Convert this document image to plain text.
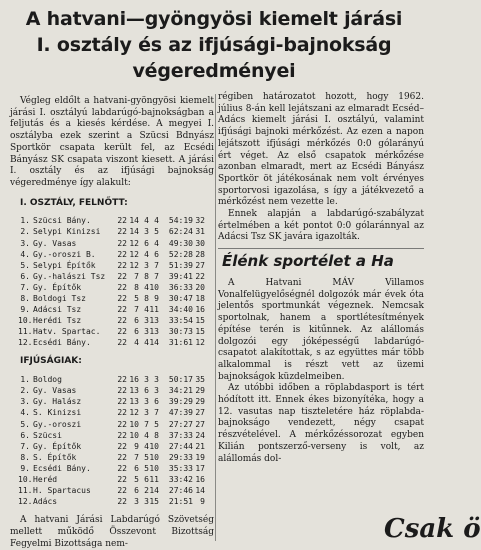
A hatvani—gyöngyösi kiemelt járási
I. osztály és az ifjúsági-bajnokság
végeredményei

Végleg eldőlt a hatvani-gyöngyösi kiemelt járási I. osztályú labdarúgó-bajnokságban a feljutás és a kiesés kérdése. A megyei I. osztályba ezek szerint a Szücsi Bdnyász Sportkör csapata került fel, az Ecsédi Bányász SK csapata viszont kiesett. A járási I. osztály és az ifjúsági bajnokság végeredménye így alakult:

I. OSZTÁLY, FELNŐTT:
1. Szücsi Bány.	22 14 4 4	54:19 32
2. Selypi Kinizsi	22 14 3 5	62:24 31
3. Gy. Vasas	22 12 6 4	49:30 30
4. Gy.-oroszi B.	22 12 4 6	52:28 28
5. Selypi Építők	22 12 3 7	51:39 27
6. Gy.-halászi Tsz	22 7 8 7	39:41 22
7. Gy. Építők	22 8 4 10	36:33 20
8. Boldogi Tsz	22 5 8 9	30:47 18
9. Adácsi Tsz	22 7 4 11	34:40 16
10. Herédi Tsz	22 6 3 13	33:54 15
11. Hatv. Spartac.	22 6 3 13	30:73 15
12. Ecsédi Bány.	22 4 4 14	31:61 12
IFJÚSÁGIAK:
1. Boldog	22 16 3 3	50:17 35
2. Gy. Vasas	22 13 6 3	34:21 29
3. Gy. Halász	22 13 3 6	39:29 29
4. S. Kinizsi	22 12 3 7	47:39 27
5. Gy.-oroszi	22 10 7 5	27:27 27
6. Szücsi	22 10 4 8	37:33 24
7. Gy. Építők	22 9 4 10	27:44 21
8. S. Építők	22 7 5 10	29:33 19
9. Ecsédi Bány.	22 6 5 10	35:33 17
10. Heréd	22 5 6 11	33:42 16
11. H. Spartacus	22 6 2 14	27:46 14
12. Adács	22 3 3 15	21:51 9

A hatvani Járási Labdarúgó Szövetség mellett működő Összevont Bizottság Fegyelmi Bizottsága nem-

régiben határozatot hozott, hogy 1962. július 8-án kell lejátszani az elmaradt Ecséd–Adács kiemelt járási I. osztályú, valamint ifjúsági bajnoki mérkőzést. Az ezen a napon lejátszott ifjúsági mérkőzés 0:0 gólarányú ért véget. Az első csapatok mérkőzése azonban elmaradt, mert az Ecsédi Bányász Sportkör öt játékosának nem volt érvényes sportorvosi igazolása, s így a játékvezető a mérkőzést nem vezette le.

Ennek alapján a labdarúgó-szabályzat értelmében a két pontot 0:0 gólaránnyal az Adácsi Tsz SK javára igazolták.

Élénk sportélet a Ha

A Hatvani MÁV Villamos Vonalfelügyelőségnél dolgozók már évek óta jelentős sportmunkát végeznek. Nemcsak sportolnak, hanem a sportlétesítmények építése terén is kitűnnek. Az alállomás dolgozói egy jóképességű labdarúgó-csapatot alakítottak, s az együttes már több alkalommal is részt vett az üzemi bajnokságok küzdelmeiben.

Az utóbbi időben a röplabdasport is tért hódított itt. Ennek ékes bizonyítéka, hogy a 12. vasutas nap tiszteletére ház röplabda-bajnokságo vendezett, négy csapat részvételével. A mérkőzéssorozat egyben Kilián pontszerző-verseny is volt, az alállomás dol-

Csak ö
